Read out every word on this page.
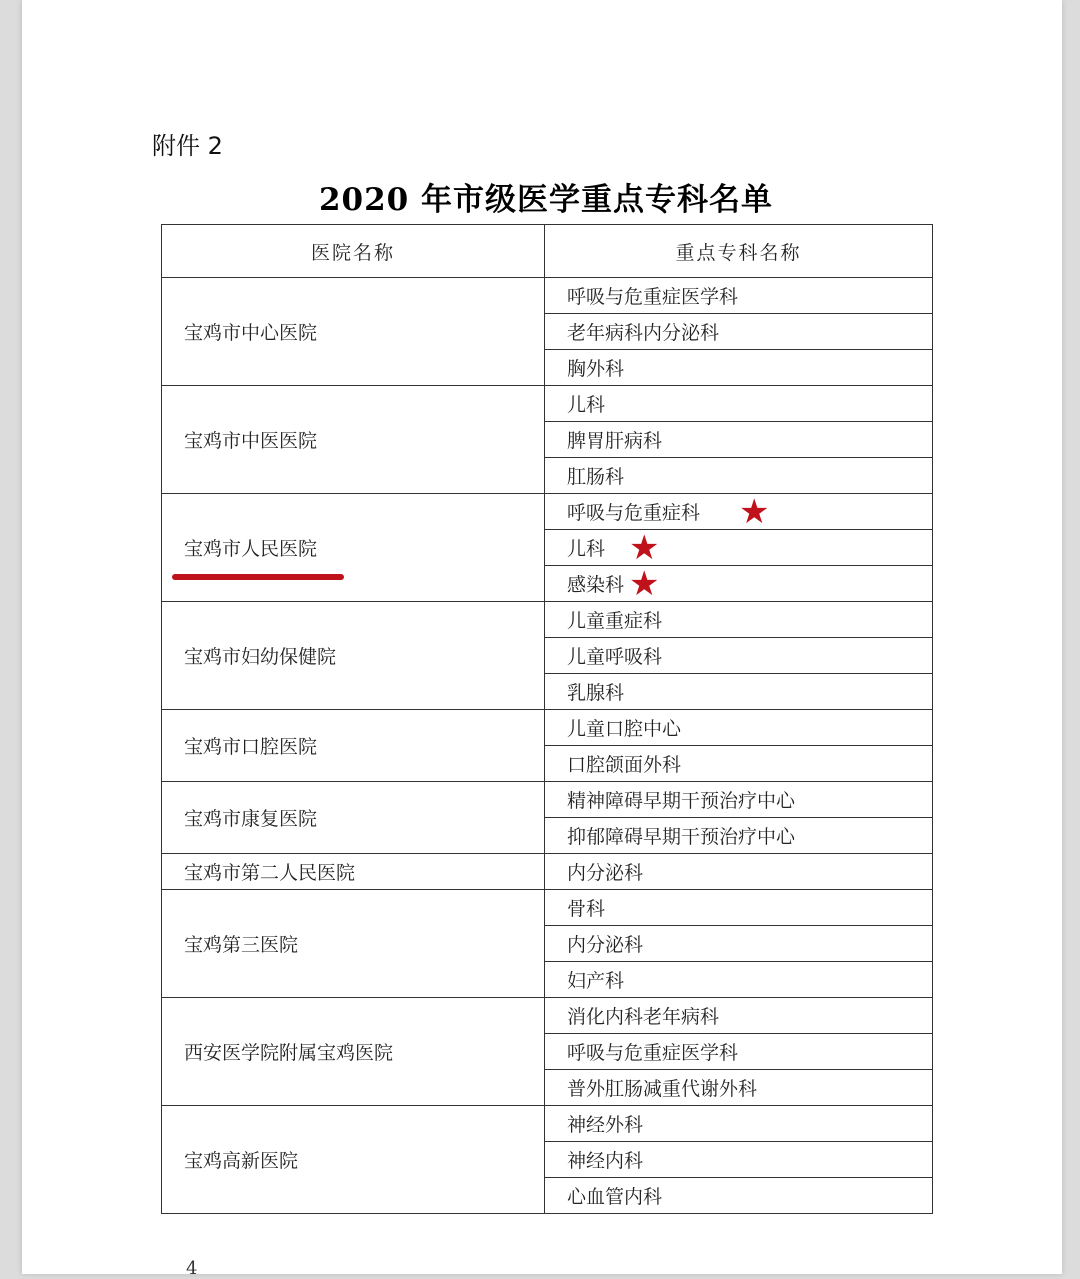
附件 2
2020 年市级医学重点专科名单
医院名称	重点专科名称
宝鸡市中心医院	呼吸与危重症医学科
	老年病科内分泌科
	胸外科
宝鸡市中医医院	儿科
	脾胃肝病科
	肛肠科
宝鸡市人民医院	呼吸与危重症科 ★

	儿科 ★

	感染科 ★

宝鸡市妇幼保健院	儿童重症科
	儿童呼吸科
	乳腺科
宝鸡市口腔医院	儿童口腔中心
	口腔颌面外科
宝鸡市康复医院	精神障碍早期干预治疗中心
	抑郁障碍早期干预治疗中心
宝鸡市第二人民医院	内分泌科
宝鸡第三医院	骨科
	内分泌科
	妇产科
西安医学院附属宝鸡医院	消化内科老年病科
	呼吸与危重症医学科
	普外肛肠减重代谢外科
宝鸡高新医院	神经外科
	神经内科
	心血管内科
4
